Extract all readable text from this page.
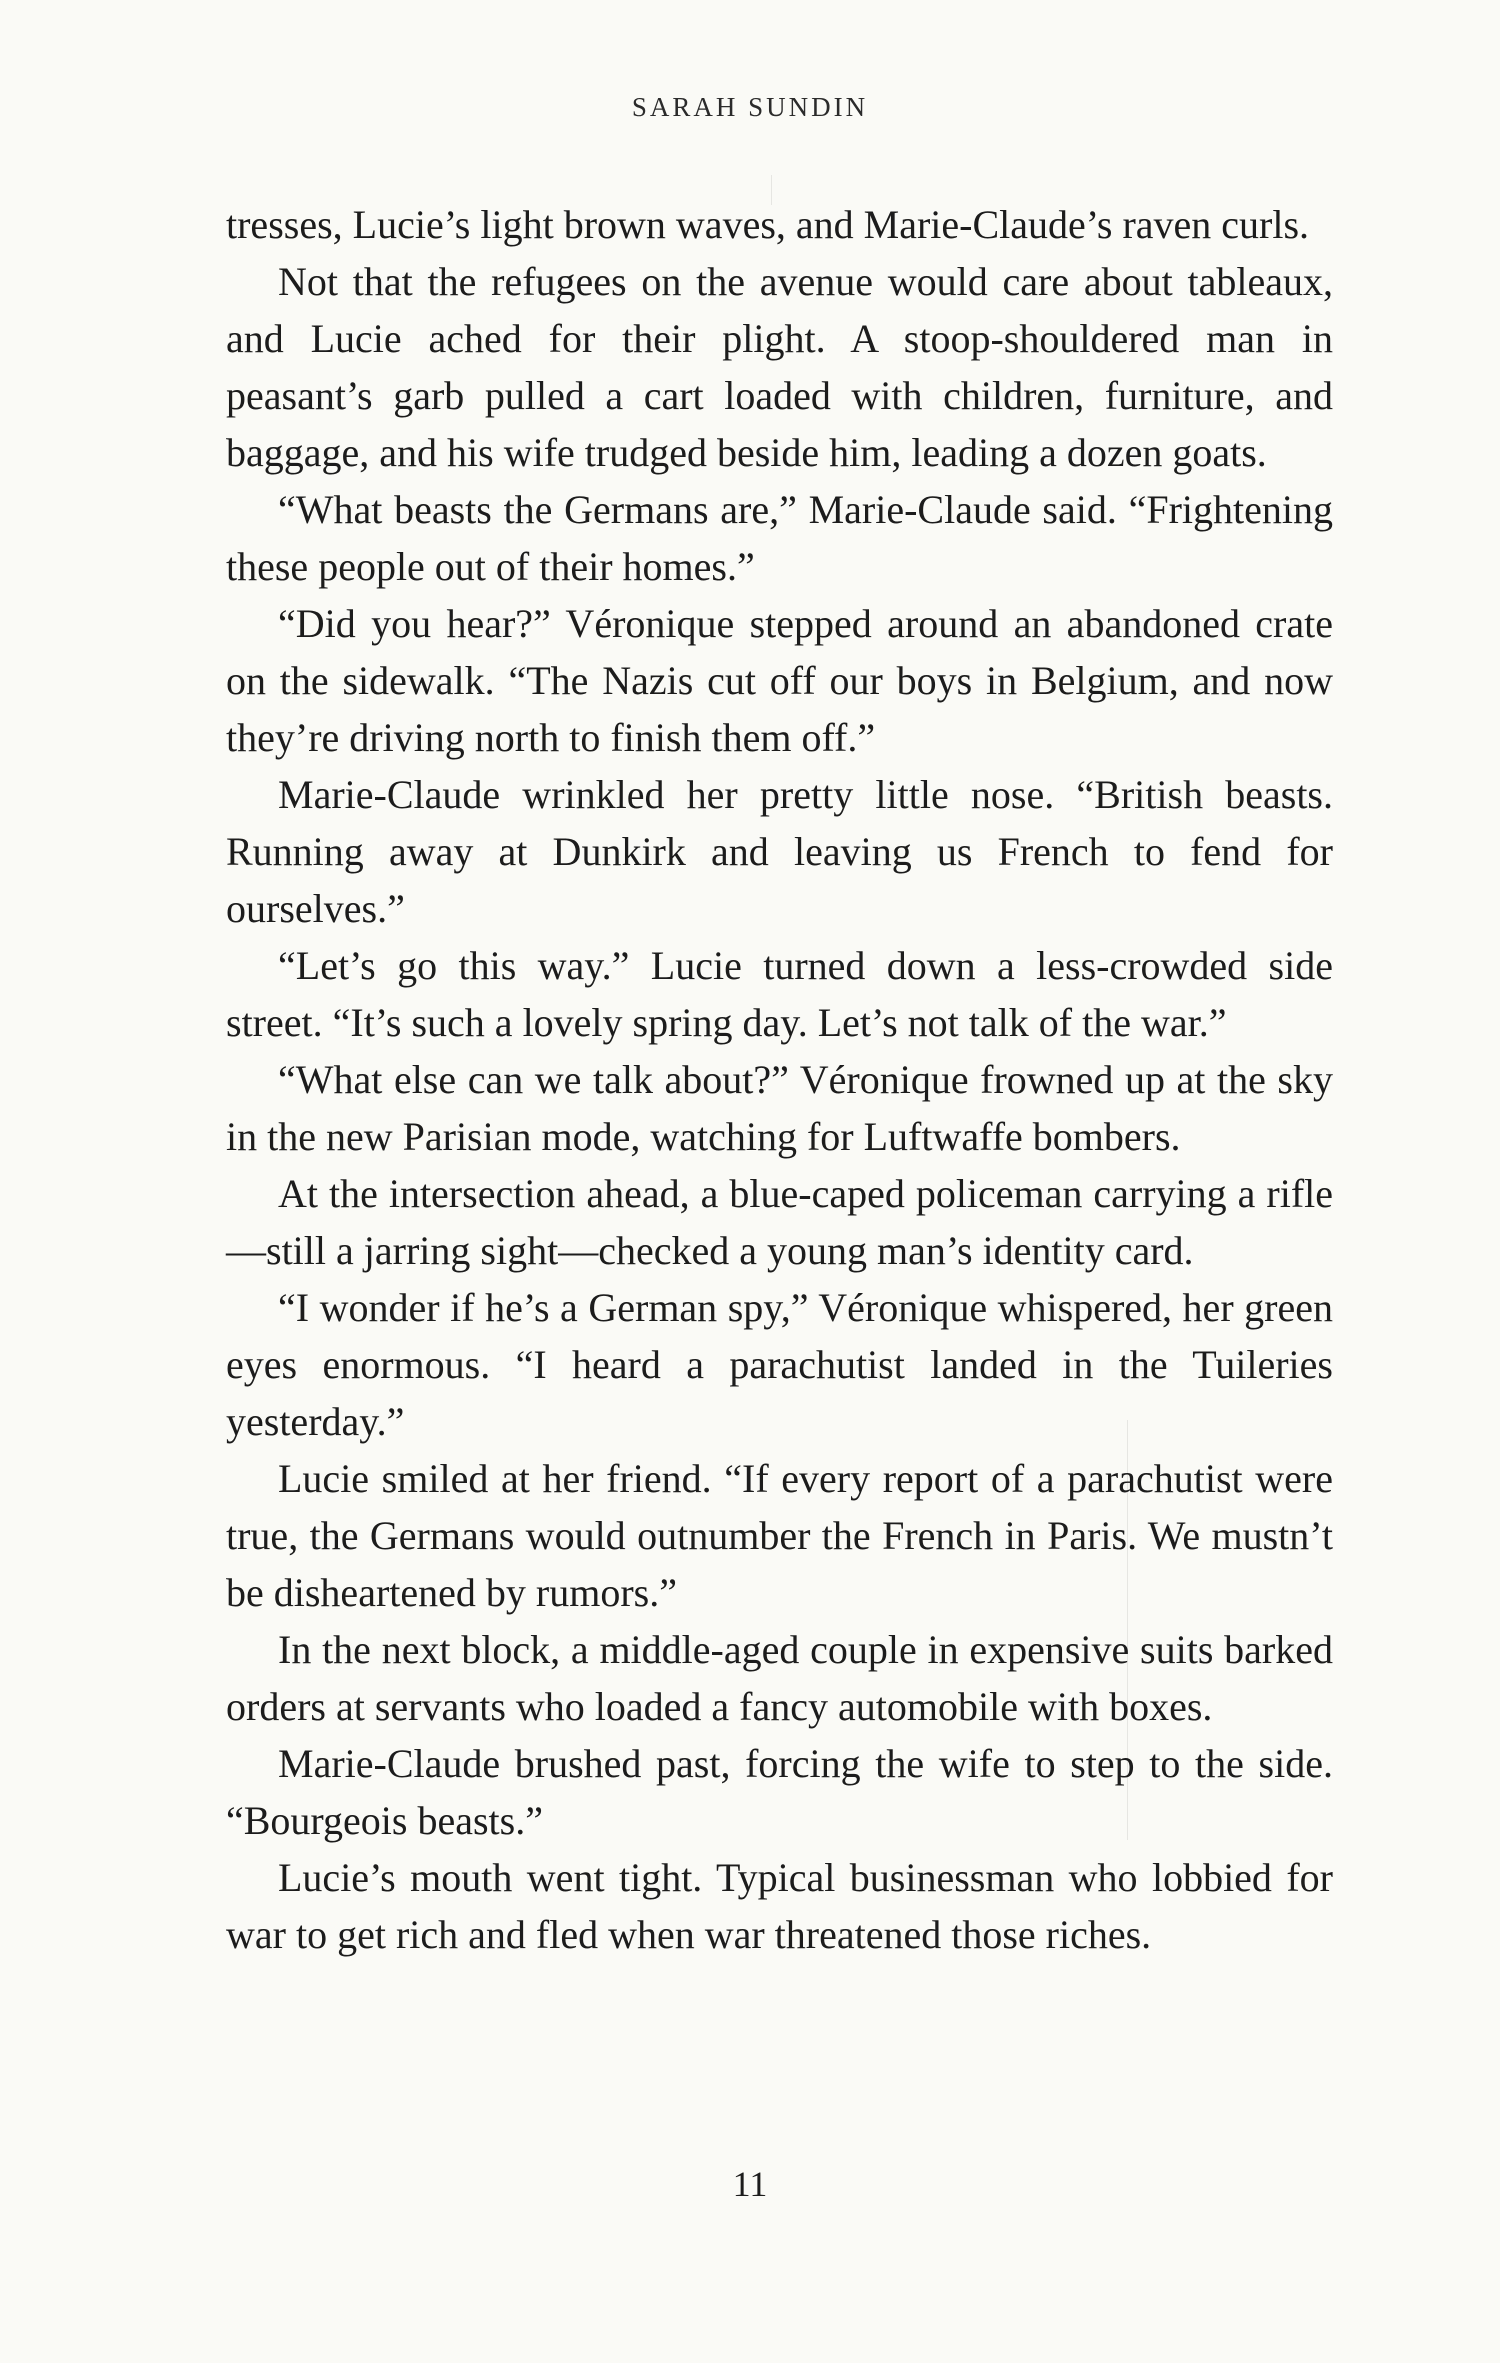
SARAH SUNDIN

tresses, Lucie’s light brown waves, and Marie-Claude’s raven curls.

Not that the refugees on the avenue would care about tableaux, and Lucie ached for their plight. A stoop-shouldered man in peasant’s garb pulled a cart loaded with children, furniture, and baggage, and his wife trudged beside him, leading a dozen goats.

“What beasts the Germans are,” Marie-Claude said. “Frightening these people out of their homes.”

“Did you hear?” Véronique stepped around an abandoned crate on the sidewalk. “The Nazis cut off our boys in Belgium, and now they’re driving north to finish them off.”

Marie-Claude wrinkled her pretty little nose. “British beasts. Running away at Dunkirk and leaving us French to fend for ourselves.”

“Let’s go this way.” Lucie turned down a less-crowded side street. “It’s such a lovely spring day. Let’s not talk of the war.”

“What else can we talk about?” Véronique frowned up at the sky in the new Parisian mode, watching for Luftwaffe bombers.

At the intersection ahead, a blue-caped policeman carrying a rifle—still a jarring sight—checked a young man’s identity card.

“I wonder if he’s a German spy,” Véronique whispered, her green eyes enormous. “I heard a parachutist landed in the Tuileries yesterday.”

Lucie smiled at her friend. “If every report of a parachutist were true, the Germans would outnumber the French in Paris. We mustn’t be disheartened by rumors.”

In the next block, a middle-aged couple in expensive suits barked orders at servants who loaded a fancy automobile with boxes.

Marie-Claude brushed past, forcing the wife to step to the side. “Bourgeois beasts.”

Lucie’s mouth went tight. Typical businessman who lobbied for war to get rich and fled when war threatened those riches.

11
